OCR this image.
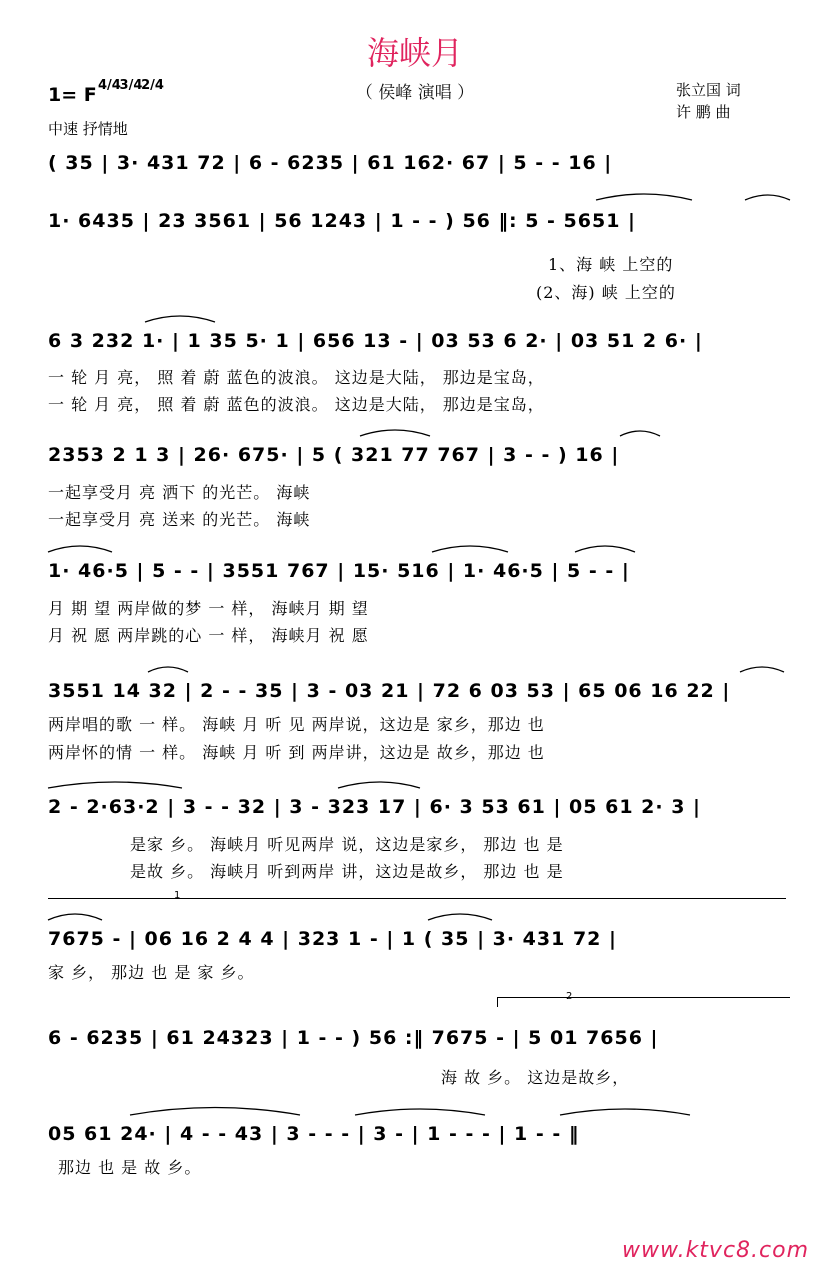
海峡月
（ 侯峰 演唱 ）
1= F 4/4 3/4 2/4
中速 抒情地
张立国 词
许 鹏 曲
( 35 | 3· 431 72 | 6 - 6235 | 61 162· 67 | 5 - - 16 |
1· 6435 | 23 3561 | 56 1243 | 1 - - ) 56 ‖: 5 - 5651 |
1、海 峡 上空的
(2、海) 峡 上空的
6 3 232 1· | 1 35 5· 1 | 656 13 - | 03 53 6 2· | 03 51 2 6· |
一 轮 月 亮， 照 着 蔚 蓝色的波浪。 这边是大陆， 那边是宝岛，
一 轮 月 亮， 照 着 蔚 蓝色的波浪。 这边是大陆， 那边是宝岛，
2353 2 1 3 | 26· 675· | 5 ( 321 77 767 | 3 - - ) 16 |
一起享受月 亮 洒下 的光芒。 海峡
一起享受月 亮 送来 的光芒。 海峡
1· 46·5 | 5 - - | 3551 767 | 15· 516 | 1· 46·5 | 5 - - |
月 期 望 两岸做的梦 一 样， 海峡月 期 望
月 祝 愿 两岸跳的心 一 样， 海峡月 祝 愿
3551 14 32 | 2 - - 35 | 3 - 03 21 | 72 6 03 53 | 65 06 16 22 |
两岸唱的歌 一 样。 海峡 月 听 见 两岸说，这边是 家乡，那边 也
两岸怀的情 一 样。 海峡 月 听 到 两岸讲，这边是 故乡，那边 也
2 - 2·63·2 | 3 - - 32 | 3 - 323 17 | 6· 3 53 61 | 05 61 2· 3 |
是家 乡。 海峡月 听见两岸 说，这边是家乡， 那边 也 是
是故 乡。 海峡月 听到两岸 讲，这边是故乡， 那边 也 是
1
7675 - | 06 16 2 4 4 | 323 1 - | 1 ( 35 | 3· 431 72 |
家 乡， 那边 也 是 家 乡。
2
6 - 6235 | 61 24323 | 1 - - ) 56 :‖ 7675 - | 5 01 7656 |
海 故 乡。 这边是故乡，
05 61 24· | 4 - - 43 | 3 - - - | 3 - | 1 - - - | 1 - - ‖
那边 也 是 故 乡。
www.ktvc8.com
